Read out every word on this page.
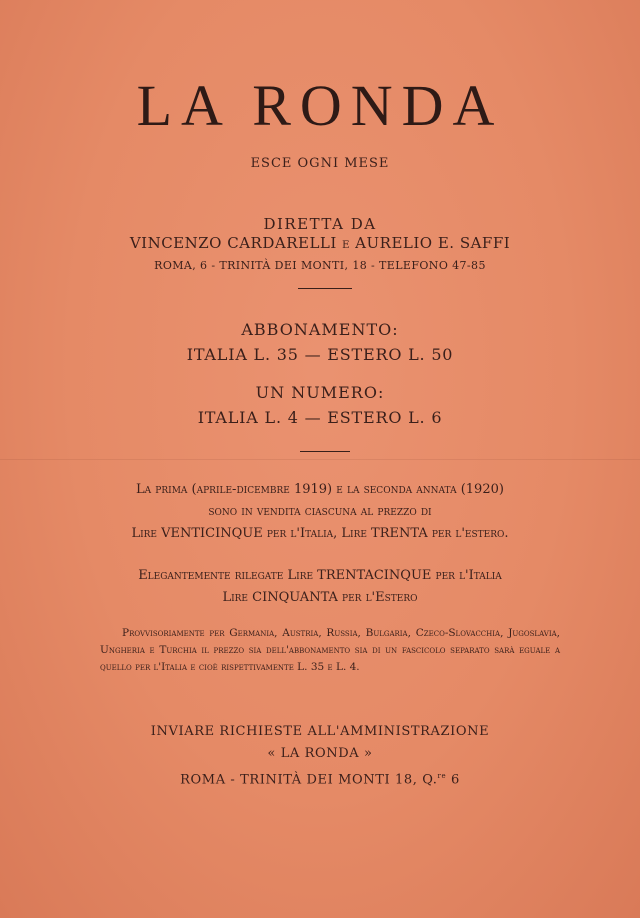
LA RONDA
ESCE OGNI MESE
DIRETTA DA
VINCENZO CARDARELLI E AURELIO E. SAFFI
ROMA, 6 - TRINITÀ DEI MONTI, 18 - TELEFONO 47-85
ABBONAMENTO:
ITALIA L. 35 — ESTERO L. 50
UN NUMERO:
ITALIA L. 4 — ESTERO L. 6
La prima (aprile-dicembre 1919) e la seconda annata (1920)
sono in vendita ciascuna al prezzo di
Lire VENTICINQUE per l'Italia, Lire TRENTA per l'estero.
Elegantemente rilegate Lire TRENTACINQUE per l'Italia
Lire CINQUANTA per l'Estero
Provvisoriamente per Germania, Austria, Russia, Bulgaria, Czeco-Slovacchia, Jugoslavia, Ungheria e Turchia il prezzo sia dell'abbonamento sia di un fascicolo separato sarà eguale a quello per l'Italia e cioè rispettivamente L. 35 e L. 4.
INVIARE RICHIESTE ALL'AMMINISTRAZIONE
« LA RONDA »
ROMA - TRINITÀ DEI MONTI 18, Q.$^{re}$ 6
